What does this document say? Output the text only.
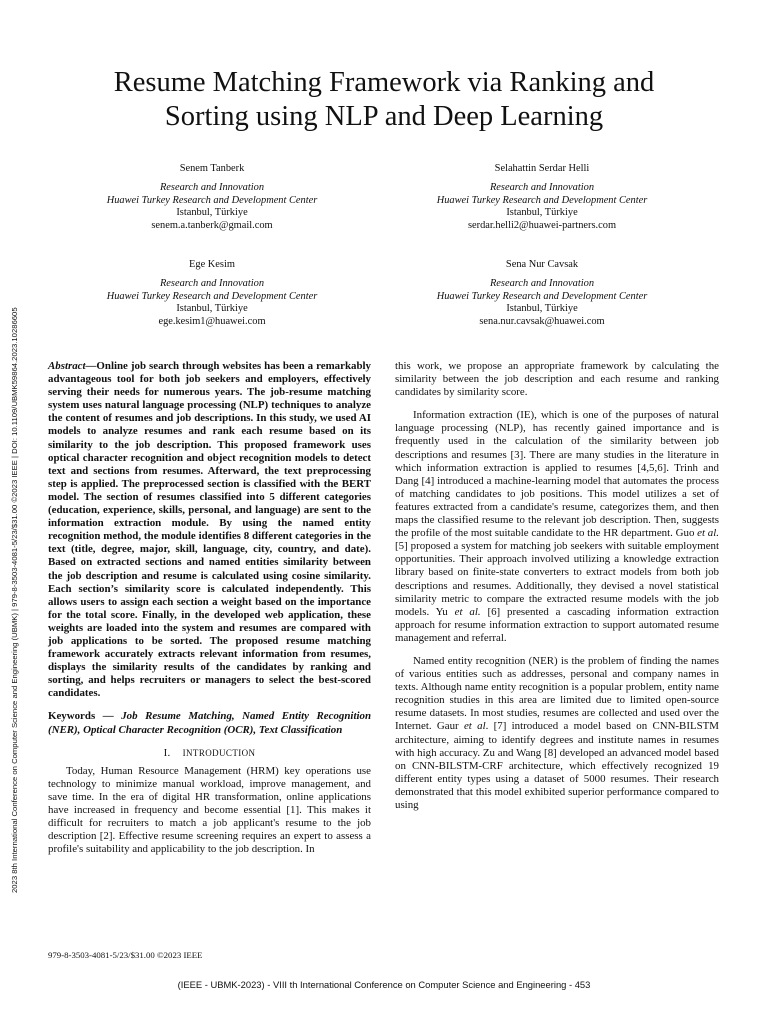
Resume Matching Framework via Ranking and
Sorting using NLP and Deep Learning
Senem Tanberk
Research and Innovation
Huawei Turkey Research and Development Center
Istanbul, Türkiye
senem.a.tanberk@gmail.com
Selahattin Serdar Helli
Research and Innovation
Huawei Turkey Research and Development Center
Istanbul, Türkiye
serdar.helli2@huawei-partners.com
Ege Kesim
Research and Innovation
Huawei Turkey Research and Development Center
Istanbul, Türkiye
ege.kesim1@huawei.com
Sena Nur Cavsak
Research and Innovation
Huawei Turkey Research and Development Center
Istanbul, Türkiye
sena.nur.cavsak@huawei.com
2023 8th International Conference on Computer Science and Engineering (UBMK) | 979-8-3503-4081-5/23/$31.00 ©2023 IEEE | DOI: 10.1109/UBMK59864.2023.10286605	Abstract—Online job search through websites has been a remarkably advantageous tool for both job seekers and employers, effectively serving their needs for numerous years. The job-resume matching system uses natural language processing (NLP) techniques to analyze the content of resumes and job descriptions. In this study, we used AI models to analyze resumes and rank each resume based on its similarity to the job description. This proposed framework uses optical character recognition and object recognition models to detect text and sections from resumes. Afterward, the text preprocessing step is applied. The preprocessed section is classified with the BERT model. The section of resumes classified into 5 different categories (education, experience, skills, personal, and language) are sent to the information extraction module. By using the named entity recognition method, the module identifies 8 different categories in the text (title, degree, major, skill, language, city, country, and date). Based on extracted sections and named entities similarity between the job description and resume is calculated using cosine similarity. Each section’s similarity score is calculated independently. This allows users to assign each section a weight based on the importance for the total score. Finally, in the developed web application, these weights are loaded into the system and resumes are compared with job applications to be sorted. The proposed resume matching framework accurately extracts relevant information from resumes, displays the similarity results of the candidates by ranking and sorting, and helps recruiters or managers to select the best-scored candidates.

Keywords — Job Resume Matching, Named Entity Recognition (NER), Optical Character Recognition (OCR), Text Classification

I. INTRODUCTION

Today, Human Resource Management (HRM) key operations use technology to minimize manual workload, improve management, and save time. In the era of digital HR transformation, online applications have increased in frequency and become essential [1]. This makes it difficult for recruiters to match a job applicant's resume to the job description [2]. Effective resume screening requires an expert to assess a profile's suitability and applicability to the job description. In

this work, we propose an appropriate framework by calculating the similarity between the job description and each resume and ranking candidates by similarity score.

Information extraction (IE), which is one of the purposes of natural language processing (NLP), has recently gained importance and is frequently used in the calculation of the similarity between job descriptions and resumes [3]. There are many studies in the literature in which information extraction is applied to resumes [4,5,6]. Trinh and Dang [4] introduced a machine-learning model that automates the process of matching candidates to job positions. This model utilizes a set of features extracted from a candidate's resume, categorizes them, and then maps the classified resume to the relevant job description. Then, suggests the profile of the most suitable candidate to the HR department. Guo et al. [5] proposed a system for matching job seekers with suitable employment opportunities. Their approach involved utilizing a knowledge extraction library based on finite-state converters to extract models from both job descriptions and resumes. Additionally, they devised a novel statistical similarity metric to compare the extracted resume models with the job models. Yu et al. [6] presented a cascading information extraction approach for resume information extraction to support automated resume management and referral.

Named entity recognition (NER) is the problem of finding the names of various entities such as addresses, personal and company names in texts. Although name entity recognition is a popular problem, entity name recognition studies in this area are limited due to limited open-source resume datasets. In most studies, resumes are collected and used over the Internet. Gaur et al. [7] introduced a model based on CNN-BILSTM architecture, aiming to identify degrees and institute names in resumes with high accuracy. Zu and Wang [8] developed an advanced model based on CNN-BILSTM-CRF architecture, which effectively recognized 19 different entity types using a dataset of 5000 resumes. Their research demonstrated that this model exhibited superior performance compared to using

979-8-3503-4081-5/23/$31.00 ©2023 IEEE
(IEEE - UBMK-2023) - VIII th International Conference on Computer Science and Engineering - 453
